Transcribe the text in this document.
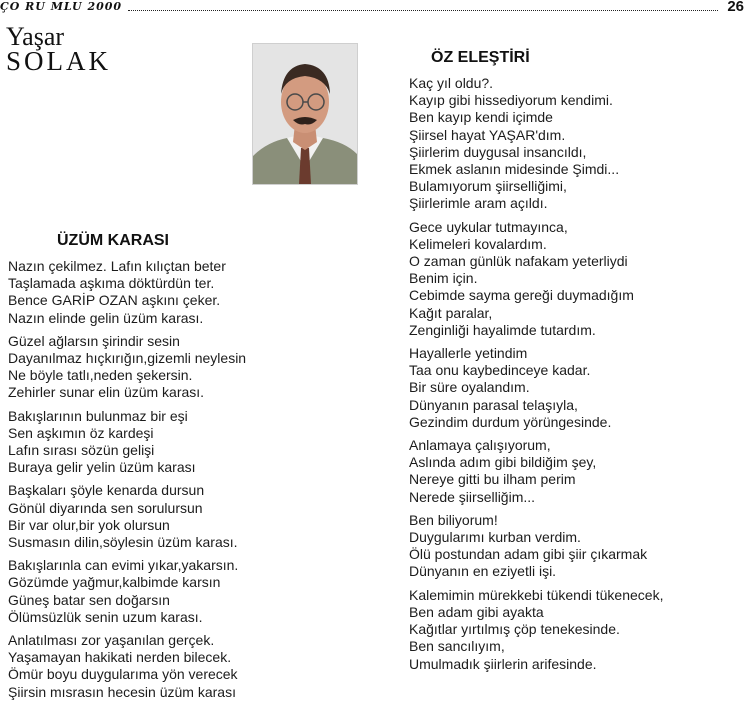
ÇO RU MLU 2000	26
Yaşar
SOLAK
ÜZÜM KARASI
Nazın çekilmez. Lafın kılıçtan beter
Taşlamada aşkıma döktürdün ter.
Bence GARİP OZAN aşkını çeker.
Nazın elinde gelin üzüm karası.
Güzel ağlarsın şirindir sesin
Dayanılmaz hıçkırığın,gizemli neylesin
Ne böyle tatlı,neden şekersin.
Zehirler sunar elin üzüm karası.
Bakışlarının bulunmaz bir eşi
Sen aşkımın öz kardeşi
Lafın sırası sözün gelişi
Buraya gelir yelin üzüm karası
Başkaları şöyle kenarda dursun
Gönül diyarında sen sorulursun
Bir var olur,bir yok olursun
Susmasın dilin,söylesin üzüm karası.
Bakışlarınla can evimi yıkar,yakarsın.
Gözümde yağmur,kalbimde karsın
Güneş batar sen doğarsın
Ölümsüzlük senin uzum karası.
Anlatılması zor yaşanılan gerçek.
Yaşamayan hakikati nerden bilecek.
Ömür boyu duygularıma yön verecek
Şiirsin mısrasın hecesin üzüm karası
ÖZ ELEŞTİRİ
Kaç yıl oldu?.
Kayıp gibi hissediyorum kendimi.
Ben kayıp kendi içimde
Şiirsel hayat YAŞAR'dım.
Şiirlerim duygusal insancıldı,
Ekmek aslanın midesinde Şimdi...
Bulamıyorum şiirselliğimi,
Şiirlerimle aram açıldı.
Gece uykular tutmayınca,
Kelimeleri kovalardım.
O zaman günlük nafakam yeterliydi
Benim için.
Cebimde sayma gereği duymadığım
Kağıt paralar,
Zenginliği hayalimde tutardım.
Hayallerle yetindim
Taa onu kaybedinceye kadar.
Bir süre oyalandım.
Dünyanın parasal telaşıyla,
Gezindim durdum yörüngesinde.
Anlamaya çalışıyorum,
Aslında adım gibi bildiğim şey,
Nereye gitti bu ilham perim
Nerede şiirselliğim...
Ben biliyorum!
Duygularımı kurban verdim.
Ölü postundan adam gibi şiir çıkarmak
Dünyanın en eziyetli işi.
Kalemimin mürekkebi tükendi tükenecek,
Ben adam gibi ayakta
Kağıtlar yırtılmış çöp tenekesinde.
Ben sancılıyım,
Umulmadık şiirlerin arifesinde.
